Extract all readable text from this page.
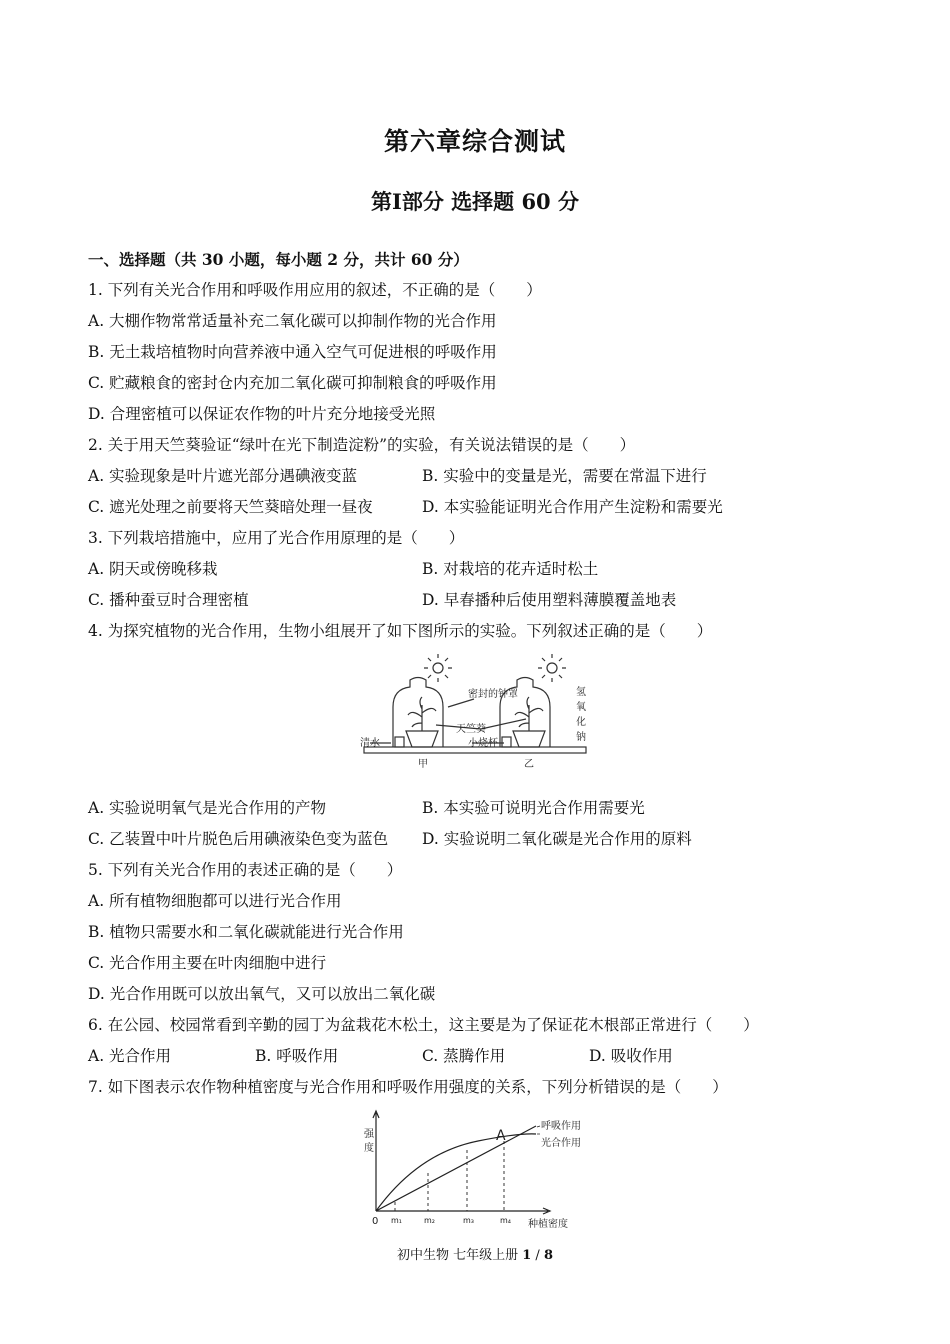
第六章综合测试
第Ⅰ部分 选择题 60 分
一、选择题（共 30 小题，每小题 2 分，共计 60 分）
1. 下列有关光合作用和呼吸作用应用的叙述，不正确的是（　　）
A. 大棚作物常常适量补充二氧化碳可以抑制作物的光合作用
B. 无土栽培植物时向营养液中通入空气可促进根的呼吸作用
C. 贮藏粮食的密封仓内充加二氧化碳可抑制粮食的呼吸作用
D. 合理密植可以保证农作物的叶片充分地接受光照
2. 关于用天竺葵验证“绿叶在光下制造淀粉”的实验，有关说法错误的是（　　）
A. 实验现象是叶片遮光部分遇碘液变蓝	B. 实验中的变量是光，需要在常温下进行
C. 遮光处理之前要将天竺葵暗处理一昼夜	D. 本实验能证明光合作用产生淀粉和需要光
3. 下列栽培措施中，应用了光合作用原理的是（　　）
A. 阴天或傍晚移栽	B. 对栽培的花卉适时松土
C. 播种蚕豆时合理密植	D. 早春播种后使用塑料薄膜覆盖地表
4. 为探究植物的光合作用，生物小组展开了如下图所示的实验。下列叙述正确的是（　　）
密封的钟罩
天竺葵
清水	小烧杯
甲	乙
氢
氧
化
钠
A. 实验说明氧气是光合作用的产物	B. 本实验可说明光合作用需要光
C. 乙装置中叶片脱色后用碘液染色变为蓝色	D. 实验说明二氧化碳是光合作用的原料
5. 下列有关光合作用的表述正确的是（　　）
A. 所有植物细胞都可以进行光合作用
B. 植物只需要水和二氧化碳就能进行光合作用
C. 光合作用主要在叶肉细胞中进行
D. 光合作用既可以放出氧气，又可以放出二氧化碳
6. 在公园、校园常看到辛勤的园丁为盆栽花木松土，这主要是为了保证花木根部正常进行（　　）
A. 光合作用	B. 呼吸作用	C. 蒸腾作用	D. 吸收作用
7. 如下图表示农作物种植密度与光合作用和呼吸作用强度的关系，下列分析错误的是（　　）
强
度
0
A
呼吸作用
光合作用
m₁	m₂	m₃	m₄ 种植密度
初中生物 七年级上册 1 / 8
